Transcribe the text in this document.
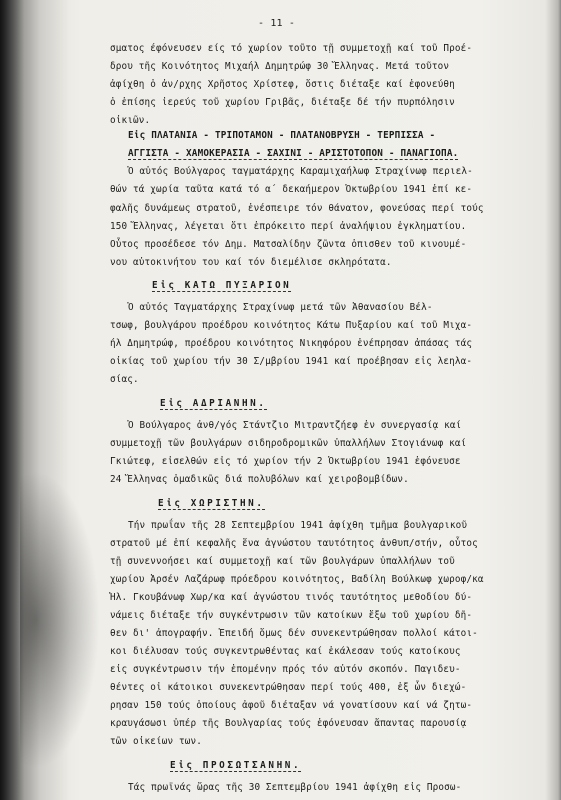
- 11 -
σματος έφόνευσεν είς τό χωρίον τοῦτο τῇ συμμετοχῇ καί τοῦ Προέ-
δρου τῆς Κοινότητος Μιχαήλ Δημητρώφ 30 Ἕλληνας. Μετά τοῦτον
ἀφίχθη ὁ ἀν/ρχης Χρῆστος Χρίστεφ, ὅστις διέταξε καί ἐφονεύθη
ὁ ἐπίσης ἱερεύς τοῦ χωρίου Γριβᾶς, διέταξε δέ τήν πυρπόλησιν
οἰκιῶν.
Εἰς ΠΛΑΤΑΝΙΑ - ΤΡΙΠΟΤΑΜΟΝ - ΠΛΑΤΑΝΟΒΡΥΣΗ - ΤΕΡΠΙΣΣΑ -
ΑΓΓΙΣΤΑ - ΧΑΜΟΚΕΡΑΣΙΑ - ΣΑΧΙΝΙ - ΑΡΙΣΤΟΤΟΠΟΝ - ΠΑΝΑΓΙΟΠΑ.
Ὁ αὐτός Βούλγαρος ταγματάρχης Καραμιχαήλωφ Στραχίνωφ περιελ-
θών τά χωρία ταῦτα κατά τό α΄ δεκαήμερον Ὀκτωβρίου 1941 ἐπί κε-
φαλῆς δυνάμεως στρατοῦ, ἐνέσπειρε τόν θάνατον, φονεύσας περί τούς
150 Ἕλληνας, λέγεται ὅτι ἐπρόκειτο περί ἀναλήψιου ἐγκληματίου.
Οὗτος προσέδεσε τόν Δημ. Ματσαλίδην ζῶντα ὀπισθεν τοῦ κινουμέ-
νου αὐτοκινήτου του καί τόν διεμέλισε σκληρότατα.
Εἰς ΚΑΤΩ ΠΥΞΑΡΙΟΝ
Ὁ αὐτός Ταγματάρχης Στραχίνωφ μετά τῶν Ἀθανασίου Βέλ-
τσωφ, βουλγάρου προέδρου κοινότητος Κάτω Πυξαρίου καί τοῦ Μιχα-
ήλ Δημητρώφ, προέδρου κοινότητος Νικηφόρου ἐνέπρησαν ἁπάσας τάς
οἰκίας τοῦ χωρίου τήν 30 Σ/μβρίου 1941 καί προέβησαν εἰς λεηλα-
σίας.
Εἰς ΑΔΡΙΑΝΗΝ.
Ὁ Βούλγαρος ἀνθ/γός Στάντζιο Μιτραντζήεφ ἐν συνεργασίᾳ καί
συμμετοχῇ τῶν βουλγάρων σιδηροδρομικῶν ὑπαλλήλων Στογιάνωφ καί
Γκιώτεφ, εἰσελθών εἰς τό χωρίον τήν 2 Ὀκτωβρίου 1941 ἐφόνευσε
24 Ἕλληνας ὁμαδικῶς διά πολυβόλων καί χειροβομβίδων.
Εἰς ΧΩΡΙΣΤΗΝ.
Τήν πρωΐαν τῆς 28 Σεπτεμβρίου 1941 ἀφίχθη τμῆμα βουλγαρικοῦ
στρατοῦ μέ ἐπί κεφαλῆς ἕνα ἀγνώστου ταυτότητος ἀνθυπ/στήν, οὗτος
τῇ συνεννοήσει καί συμμετοχῇ καί τῶν βουλγάρων ὑπαλλήλων τοῦ
χωρίου Ἀρσέν Λαζάρωφ πρόεδρου κοινότητος, Βαδίλη Βούλκωφ χωροφ/κα
Ἠλ. Γκουβάνωφ Χωρ/κα καί ἀγνώστου τινός ταυτότητος μεθοδίου δύ-
νάμεις διέταξε τήν συγκέντρωσιν τῶν κατοίκων ἔξω τοῦ χωρίου δῆ-
θεν δι' ἀπογραφήν. Ἐπειδή ὅμως δέν συνεκεντρώθησαν πολλοί κάτοι-
κοι διέλυσαν τούς συγκεντρωθέντας καί ἐκάλεσαν τούς κατοίκους
εἰς συγκέντρωσιν τήν ἑπομένην πρός τόν αὐτόν σκοπόν. Παγιδευ-
θέντες οἱ κάτοικοι συνεκεντρώθησαν περί τούς 400, ἐξ ὧν διεχώ-
ρησαν 150 τούς ὁποίους ἀφοῦ διέταξαν νά γονατίσουν καί νά ζητω-
κραυγάσωσι ὑπέρ τῆς Βουλγαρίας τούς ἐφόνευσαν ἅπαντας παρουσίᾳ
τῶν οἰκείων των.
Εἰς ΠΡΟΣΩΤΣΑΝΗΝ.
Τάς πρωϊνάς ὥρας τῆς 30 Σεπτεμβρίου 1941 ἀφίχθη εἰς Προσω-
